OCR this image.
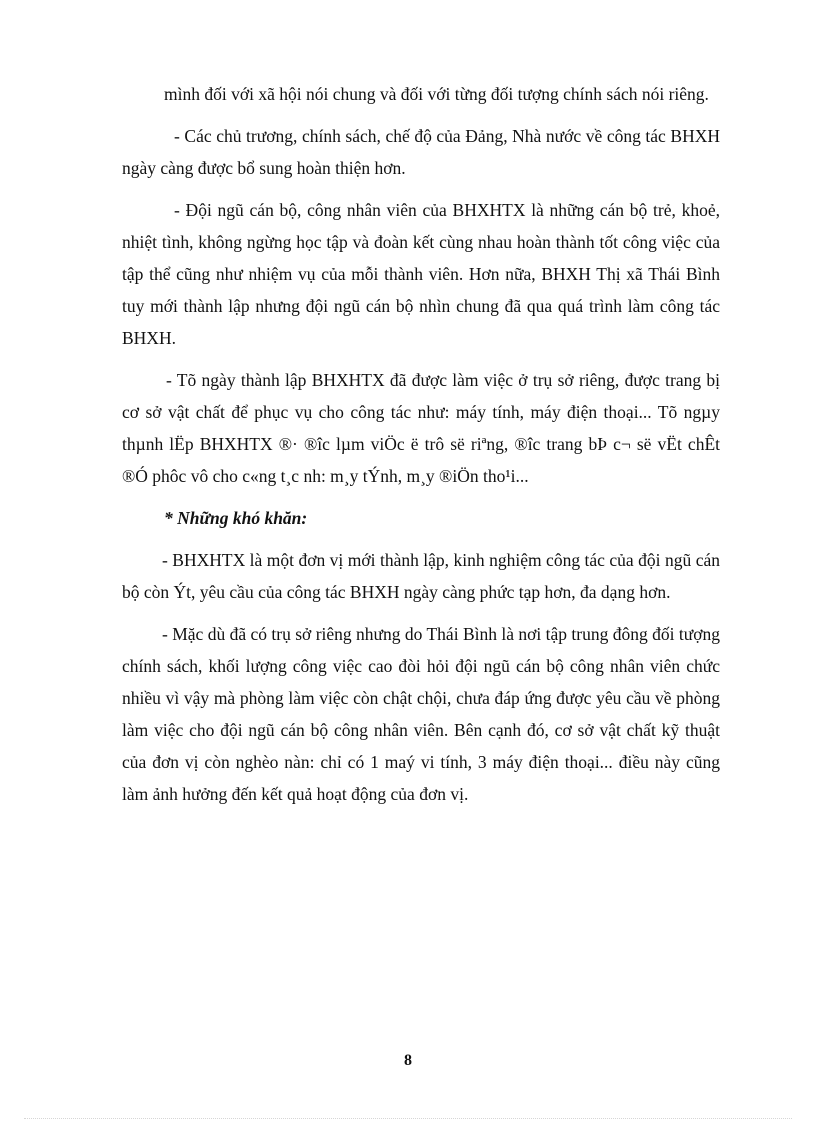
mình đối với xã hội nói chung và đối với từng đối tượng chính sách nói riêng.

- Các chủ trương, chính sách, chế độ của Đảng, Nhà nước về công tác BHXH ngày càng được bổ sung hoàn thiện hơn.

- Đội ngũ cán bộ, công nhân viên của BHXHTX là những cán bộ trẻ, khoẻ, nhiệt tình, không ngừng học tập và đoàn kết cùng nhau hoàn thành tốt công việc của tập thể cũng như nhiệm vụ của mỗi thành viên. Hơn nữa, BHXH Thị xã Thái Bình tuy mới thành lập nhưng đội ngũ cán bộ nhìn chung đã qua quá trình làm công tác BHXH.

- Tõ ngày thành lập BHXHTX đã được làm việc ở trụ sở riêng, được trang bị cơ sở vật chất để phục vụ cho công tác như: máy tính, máy điện thoại... Tõ ngµy thµnh lËp BHXHTX ®· ®îc lµm viÖc ë trô së riªng, ®îc trang bÞ c¬ së vËt chÊt ®Ó phôc vô cho c«ng t¸c nh: m¸y tÝnh, m¸y ®iÖn tho¹i...

* Những khó khăn:

- BHXHTX là một đơn vị mới thành lập, kinh nghiệm công tác của đội ngũ cán bộ còn Ýt, yêu cầu của công tác BHXH ngày càng phức tạp hơn, đa dạng hơn.

- Mặc dù đã có trụ sở riêng nhưng do Thái Bình là nơi tập trung đông đối tượng chính sách, khối lượng công việc cao đòi hỏi đội ngũ cán bộ công nhân viên chức nhiều vì vậy mà phòng làm việc còn chật chội, chưa đáp ứng được yêu cầu về phòng làm việc cho đội ngũ cán bộ công nhân viên. Bên cạnh đó, cơ sở vật chất kỹ thuật của đơn vị còn nghèo nàn: chỉ có 1 maý vi tính, 3 máy điện thoại... điều này cũng làm ảnh hưởng đến kết quả hoạt động của đơn vị.

8
